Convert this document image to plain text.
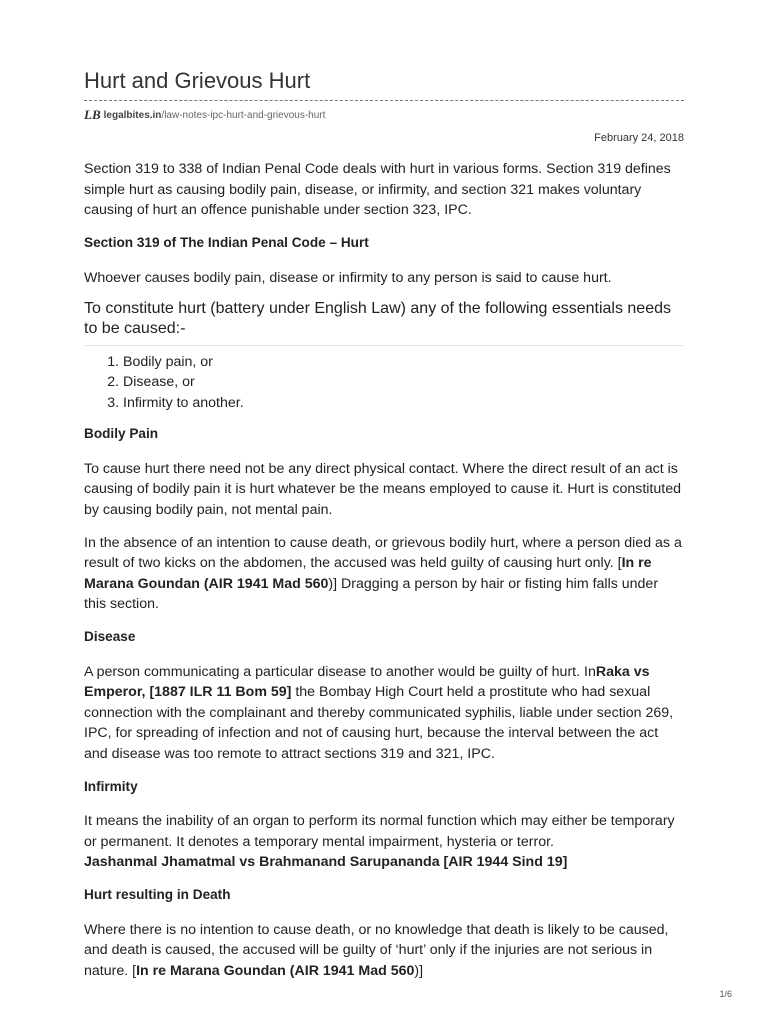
Hurt and Grievous Hurt
LB legalbites.in /law-notes-ipc-hurt-and-grievous-hurt
February 24, 2018

Section 319 to 338 of Indian Penal Code deals with hurt in various forms. Section 319 defines simple hurt as causing bodily pain, disease, or infirmity, and section 321 makes voluntary causing of hurt an offence punishable under section 323, IPC.

Section 319 of The Indian Penal Code – Hurt

Whoever causes bodily pain, disease or infirmity to any person is said to cause hurt.

To constitute hurt (battery under English Law) any of the following essentials needs to be caused:-

1. Bodily pain, or
2. Disease, or
3. Infirmity to another.

Bodily Pain

To cause hurt there need not be any direct physical contact. Where the direct result of an act is causing of bodily pain it is hurt whatever be the means employed to cause it. Hurt is constituted by causing bodily pain, not mental pain.

In the absence of an intention to cause death, or grievous bodily hurt, where a person died as a result of two kicks on the abdomen, the accused was held guilty of causing hurt only. [In re Marana Goundan (AIR 1941 Mad 560)] Dragging a person by hair or fisting him falls under this section.

Disease

A person communicating a particular disease to another would be guilty of hurt. InRaka vs Emperor, [1887 ILR 11 Bom 59] the Bombay High Court held a prostitute who had sexual connection with the complainant and thereby communicated syphilis, liable under section 269, IPC, for spreading of infection and not of causing hurt, because the interval between the act and disease was too remote to attract sections 319 and 321, IPC.

Infirmity

It means the inability of an organ to perform its normal function which may either be temporary or permanent. It denotes a temporary mental impairment, hysteria or terror.

Jashanmal Jhamatmal vs Brahmanand Sarupananda [AIR 1944 Sind 19]

Hurt resulting in Death

Where there is no intention to cause death, or no knowledge that death is likely to be caused, and death is caused, the accused will be guilty of ‘hurt’ only if the injuries are not serious in nature. [In re Marana Goundan (AIR 1941 Mad 560)]

1/6
